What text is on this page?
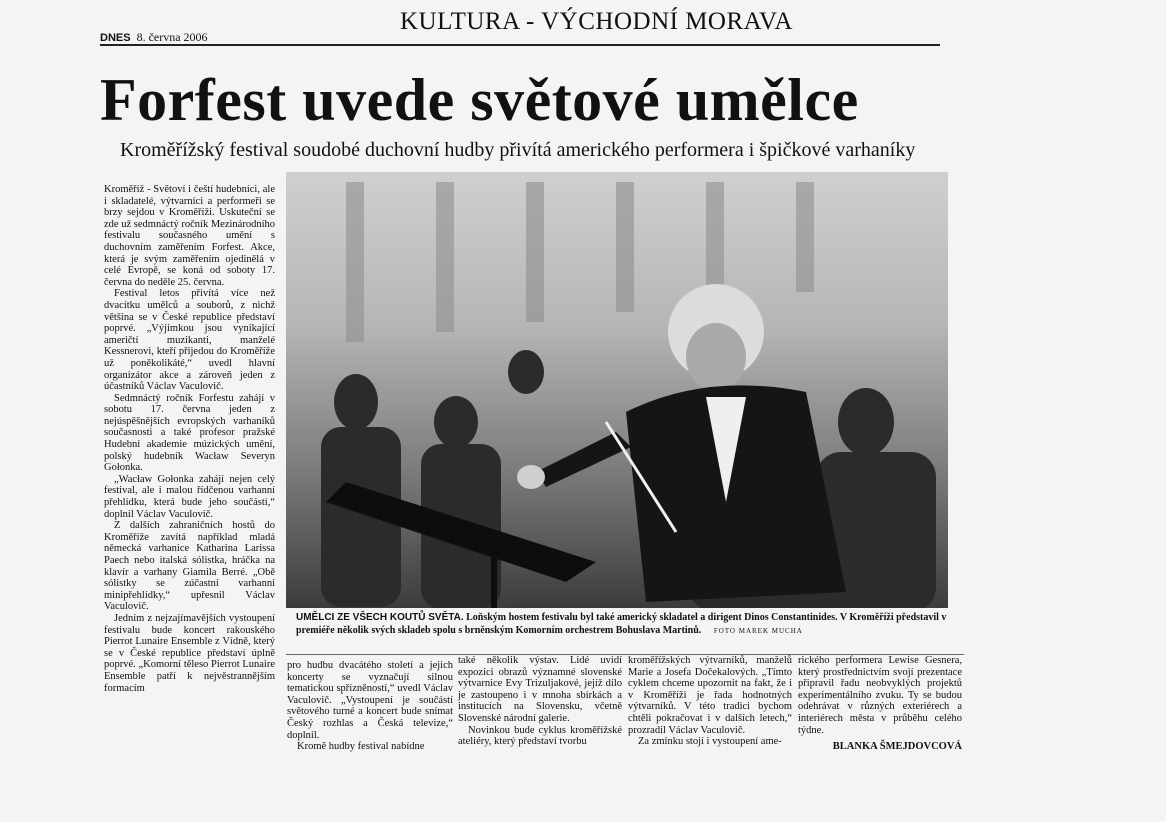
DNES 8. června 2006
KULTURA - VÝCHODNÍ MORAVA
Forfest uvede světové umělce
Kroměřížský festival soudobé duchovní hudby přivítá amerického performera i špičkové varhaníky

Kroměříž - Světoví i čeští hudebníci, ale i skladatelé, výtvarníci a performeři se brzy sejdou v Kroměříži. Uskuteční se zde už sedmnáctý ročník Mezinárodního festivalu současného umění s duchovním zaměřením Forfest. Akce, která je svým zaměřením ojedinělá v celé Evropě, se koná od soboty 17. června do neděle 25. června.

Festival letos přivítá více než dvacítku umělců a souborů, z nichž většina se v České republice představí poprvé. „Výjimkou jsou vynikající američtí muzikanti, manželé Kessnerovi, kteří přijedou do Kroměříže už poněkolikáté,“ uvedl hlavní organizátor akce a zároveň jeden z účastníků Václav Vaculovič.

Sedmnáctý ročník Forfestu zahájí v sobotu 17. června jeden z nejúspěšnějších evropských varhaníků současnosti a také profesor pražské Hudební akademie múzických umění, polský hudebník Wacław Severyn Gołonka.

„Wacław Gołonka zahájí nejen celý festival, ale i malou řídčenou varhanní přehlídku, která bude jeho součástí,“ doplnil Václav Vaculovič.

Z dalších zahraničních hostů do Kroměříže zavítá například mladá německá varhanice Katharina Larissa Paech nebo italská sólistka, hráčka na klavír a varhany Giamila Berré. „Obě sólistky se zúčastní varhanní minipřehlídky,“ upřesnil Václav Vaculovič.

Jedním z nejzajímavějších vystoupení festivalu bude koncert rakouského Pierrot Lunaire Ensemble z Vídně, který se v České republice představí úplně poprvé. „Komorní těleso Pierrot Lunaire Ensemble patří k nejvěstrannějším formacím

UMĚLCI ZE VŠECH KOUTŮ SVĚTA. Loňským hostem festivalu byl také americký skladatel a dirigent Dinos Constantinides. V Kroměříži představil v premiéře několik svých skladeb spolu s brněnským Komorním orchestrem Bohuslava Martinů. FOTO MAREK MUCHA

pro hudbu dvacátého století a jejich koncerty se vyznačují silnou tematickou spřízněností,“ uvedl Václav Vaculovič. „Vystoupení je součástí světového turné a koncert bude snímat Český rozhlas a Česká televize,“ doplnil.

Kromě hudby festival nabídne

také několik výstav. Lidé uvidí expozici obrazů významné slovenské výtvarnice Evy Trizuljakové, jejíž dílo je zastoupeno i v mnoha sbírkách a institucích na Slovensku, včetně Slovenské národní galerie.

Novinkou bude cyklus kroměřížské ateliéry, který představí tvorbu

kroměřížských výtvarníků, manželů Marie a Josefa Dočekalových. „Tímto cyklem chceme upozornit na fakt, že i v Kroměříži je řada hodnotných výtvarníků. V této tradici bychom chtěli pokračovat i v dalších letech,“ prozradil Václav Vaculovič.

Za zmínku stojí i vystoupení ame-

rického performera Lewise Gesnera, který prostřednictvím svojí prezentace připravil řadu neobvyklých projektů experimentálního zvuku. Ty se budou odehrávat v různých exteriérech a interiérech města v průběhu celého týdne.

BLANKA ŠMEJDOVCOVÁ
